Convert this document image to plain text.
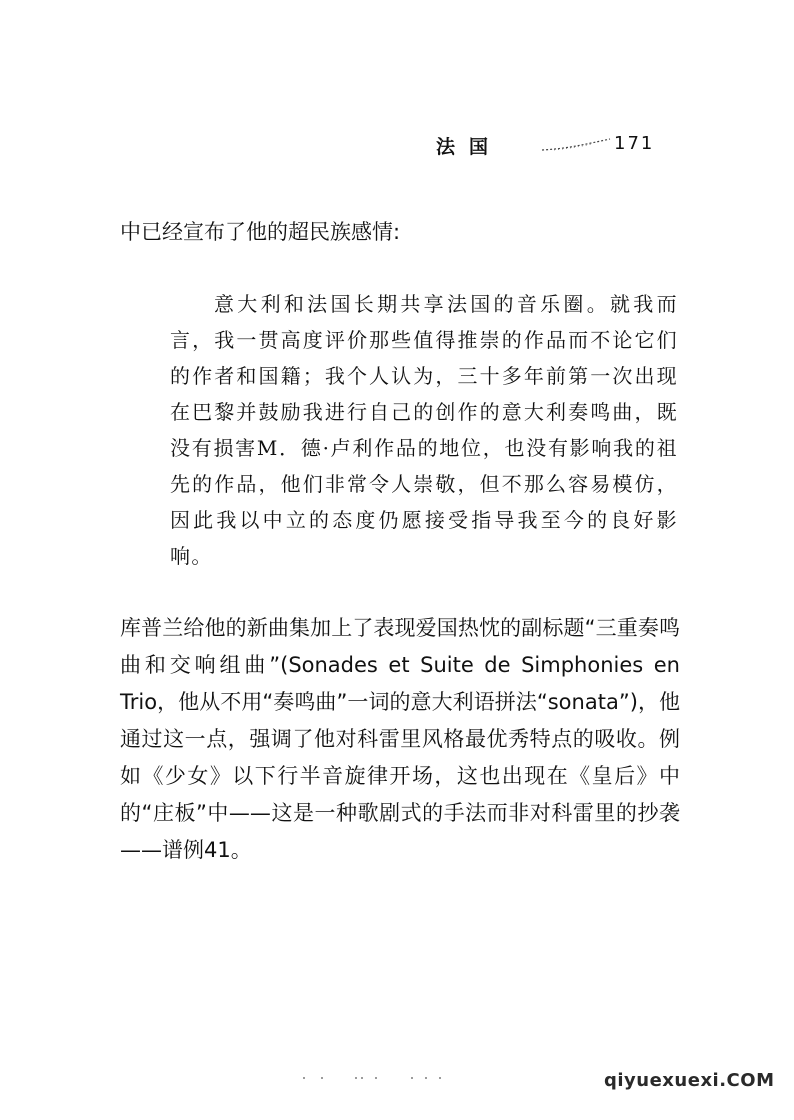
法国	171
中已经宣布了他的超民族感情:

意大利和法国长期共享法国的音乐圈。就我而言，我一贯高度评价那些值得推崇的作品而不论它们的作者和国籍；我个人认为，三十多年前第一次出现在巴黎并鼓励我进行自己的创作的意大利奏鸣曲，既没有损害M．德·卢利作品的地位，也没有影响我的祖先的作品，他们非常令人崇敬，但不那么容易模仿，因此我以中立的态度仍愿接受指导我至今的良好影响。

库普兰给他的新曲集加上了表现爱国热忱的副标题“三重奏鸣曲和交响组曲”(Sonades et Suite de Simphonies en Trio，他从不用“奏鸣曲”一词的意大利语拼法“sonata”)，他通过这一点，强调了他对科雷里风格最优秀特点的吸收。例如《少女》以下行半音旋律开场，这也出现在《皇后》中的“庄板”中——这是一种歌剧式的手法而非对科雷里的抄袭——谱例41。

qiyuexuexi.COM
